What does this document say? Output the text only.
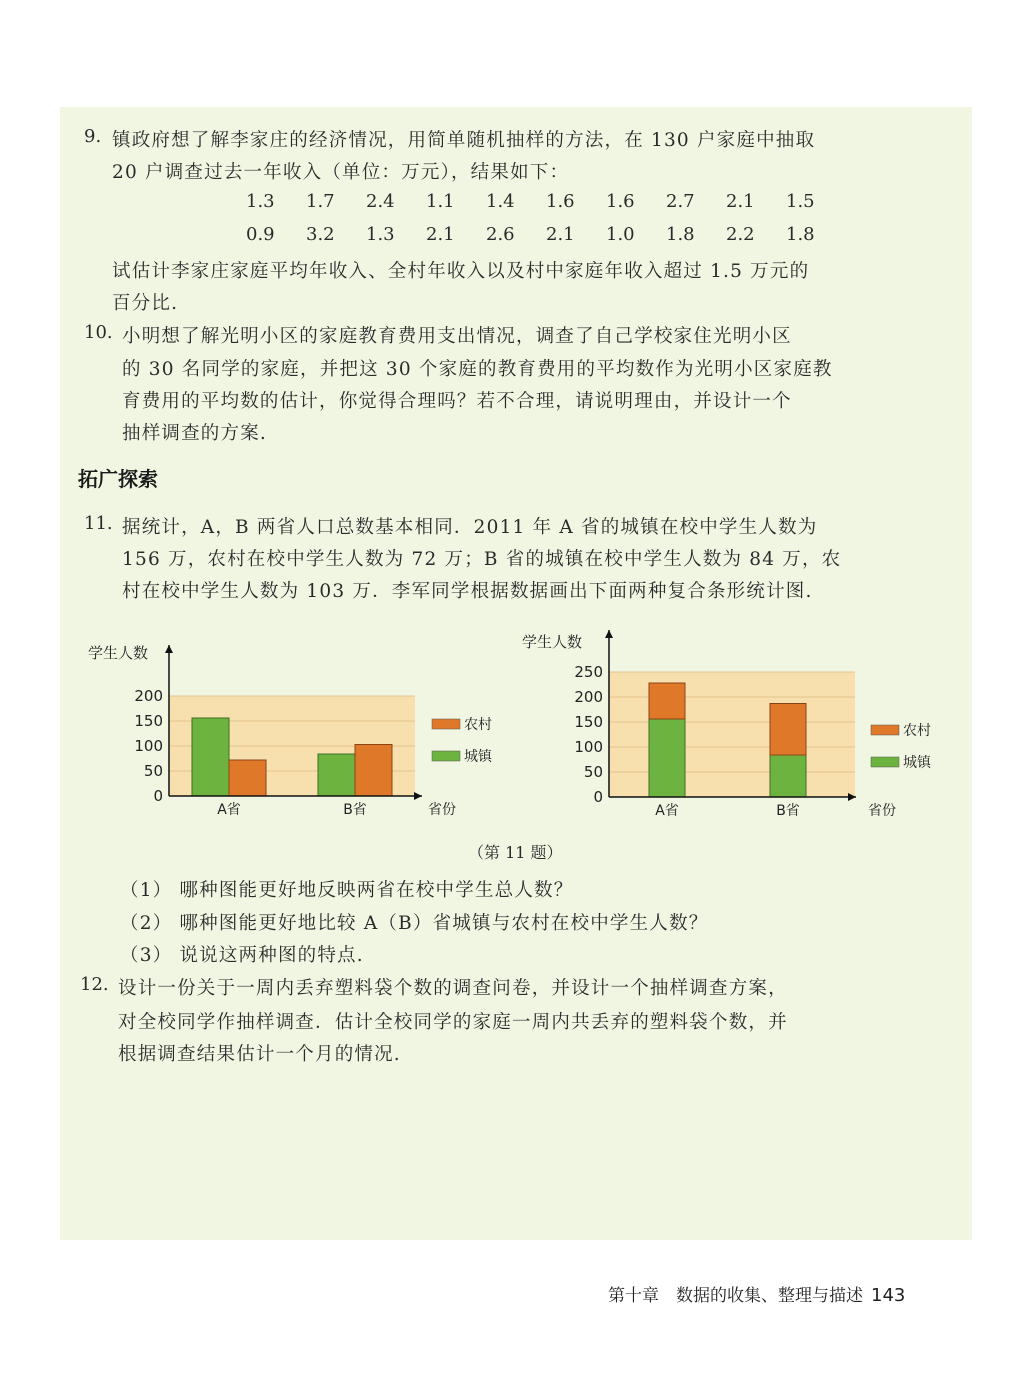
9. 镇政府想了解李家庄的经济情况，用简单随机抽样的方法，在 130 户家庭中抽取
20 户调查过去一年收入（单位：万元），结果如下：
1.3 1.7 2.4 1.1 1.4 1.6 1.6 2.7 2.1 1.5
0.9 3.2 1.3 2.1 2.6 2.1 1.0 1.8 2.2 1.8
试估计李家庄家庭平均年收入、全村年收入以及村中家庭年收入超过 1.5 万元的
百分比.
10. 小明想了解光明小区的家庭教育费用支出情况，调查了自己学校家住光明小区
的 30 名同学的家庭，并把这 30 个家庭的教育费用的平均数作为光明小区家庭教
育费用的平均数的估计，你觉得合理吗？若不合理，请说明理由，并设计一个
抽样调查的方案.
拓广探索
11. 据统计，A，B 两省人口总数基本相同．2011 年 A 省的城镇在校中学生人数为
156 万，农村在校中学生人数为 72 万；B 省的城镇在校中学生人数为 84 万，农
村在校中学生人数为 103 万．李军同学根据数据画出下面两种复合条形统计图.
0
50
100
150
200
A省	B省
学生人数
省份
农村
城镇
0
50
100
150
200
250
A省	B省
学生人数
省份
农村
城镇
（第 11 题）
（1） 哪种图能更好地反映两省在校中学生总人数？
（2） 哪种图能更好地比较 A（B）省城镇与农村在校中学生人数？
（3） 说说这两种图的特点.
12. 设计一份关于一周内丢弃塑料袋个数的调查问卷，并设计一个抽样调查方案，
对全校同学作抽样调查．估计全校同学的家庭一周内共丢弃的塑料袋个数，并
根据调查结果估计一个月的情况.
第十章　数据的收集、整理与描述 143
